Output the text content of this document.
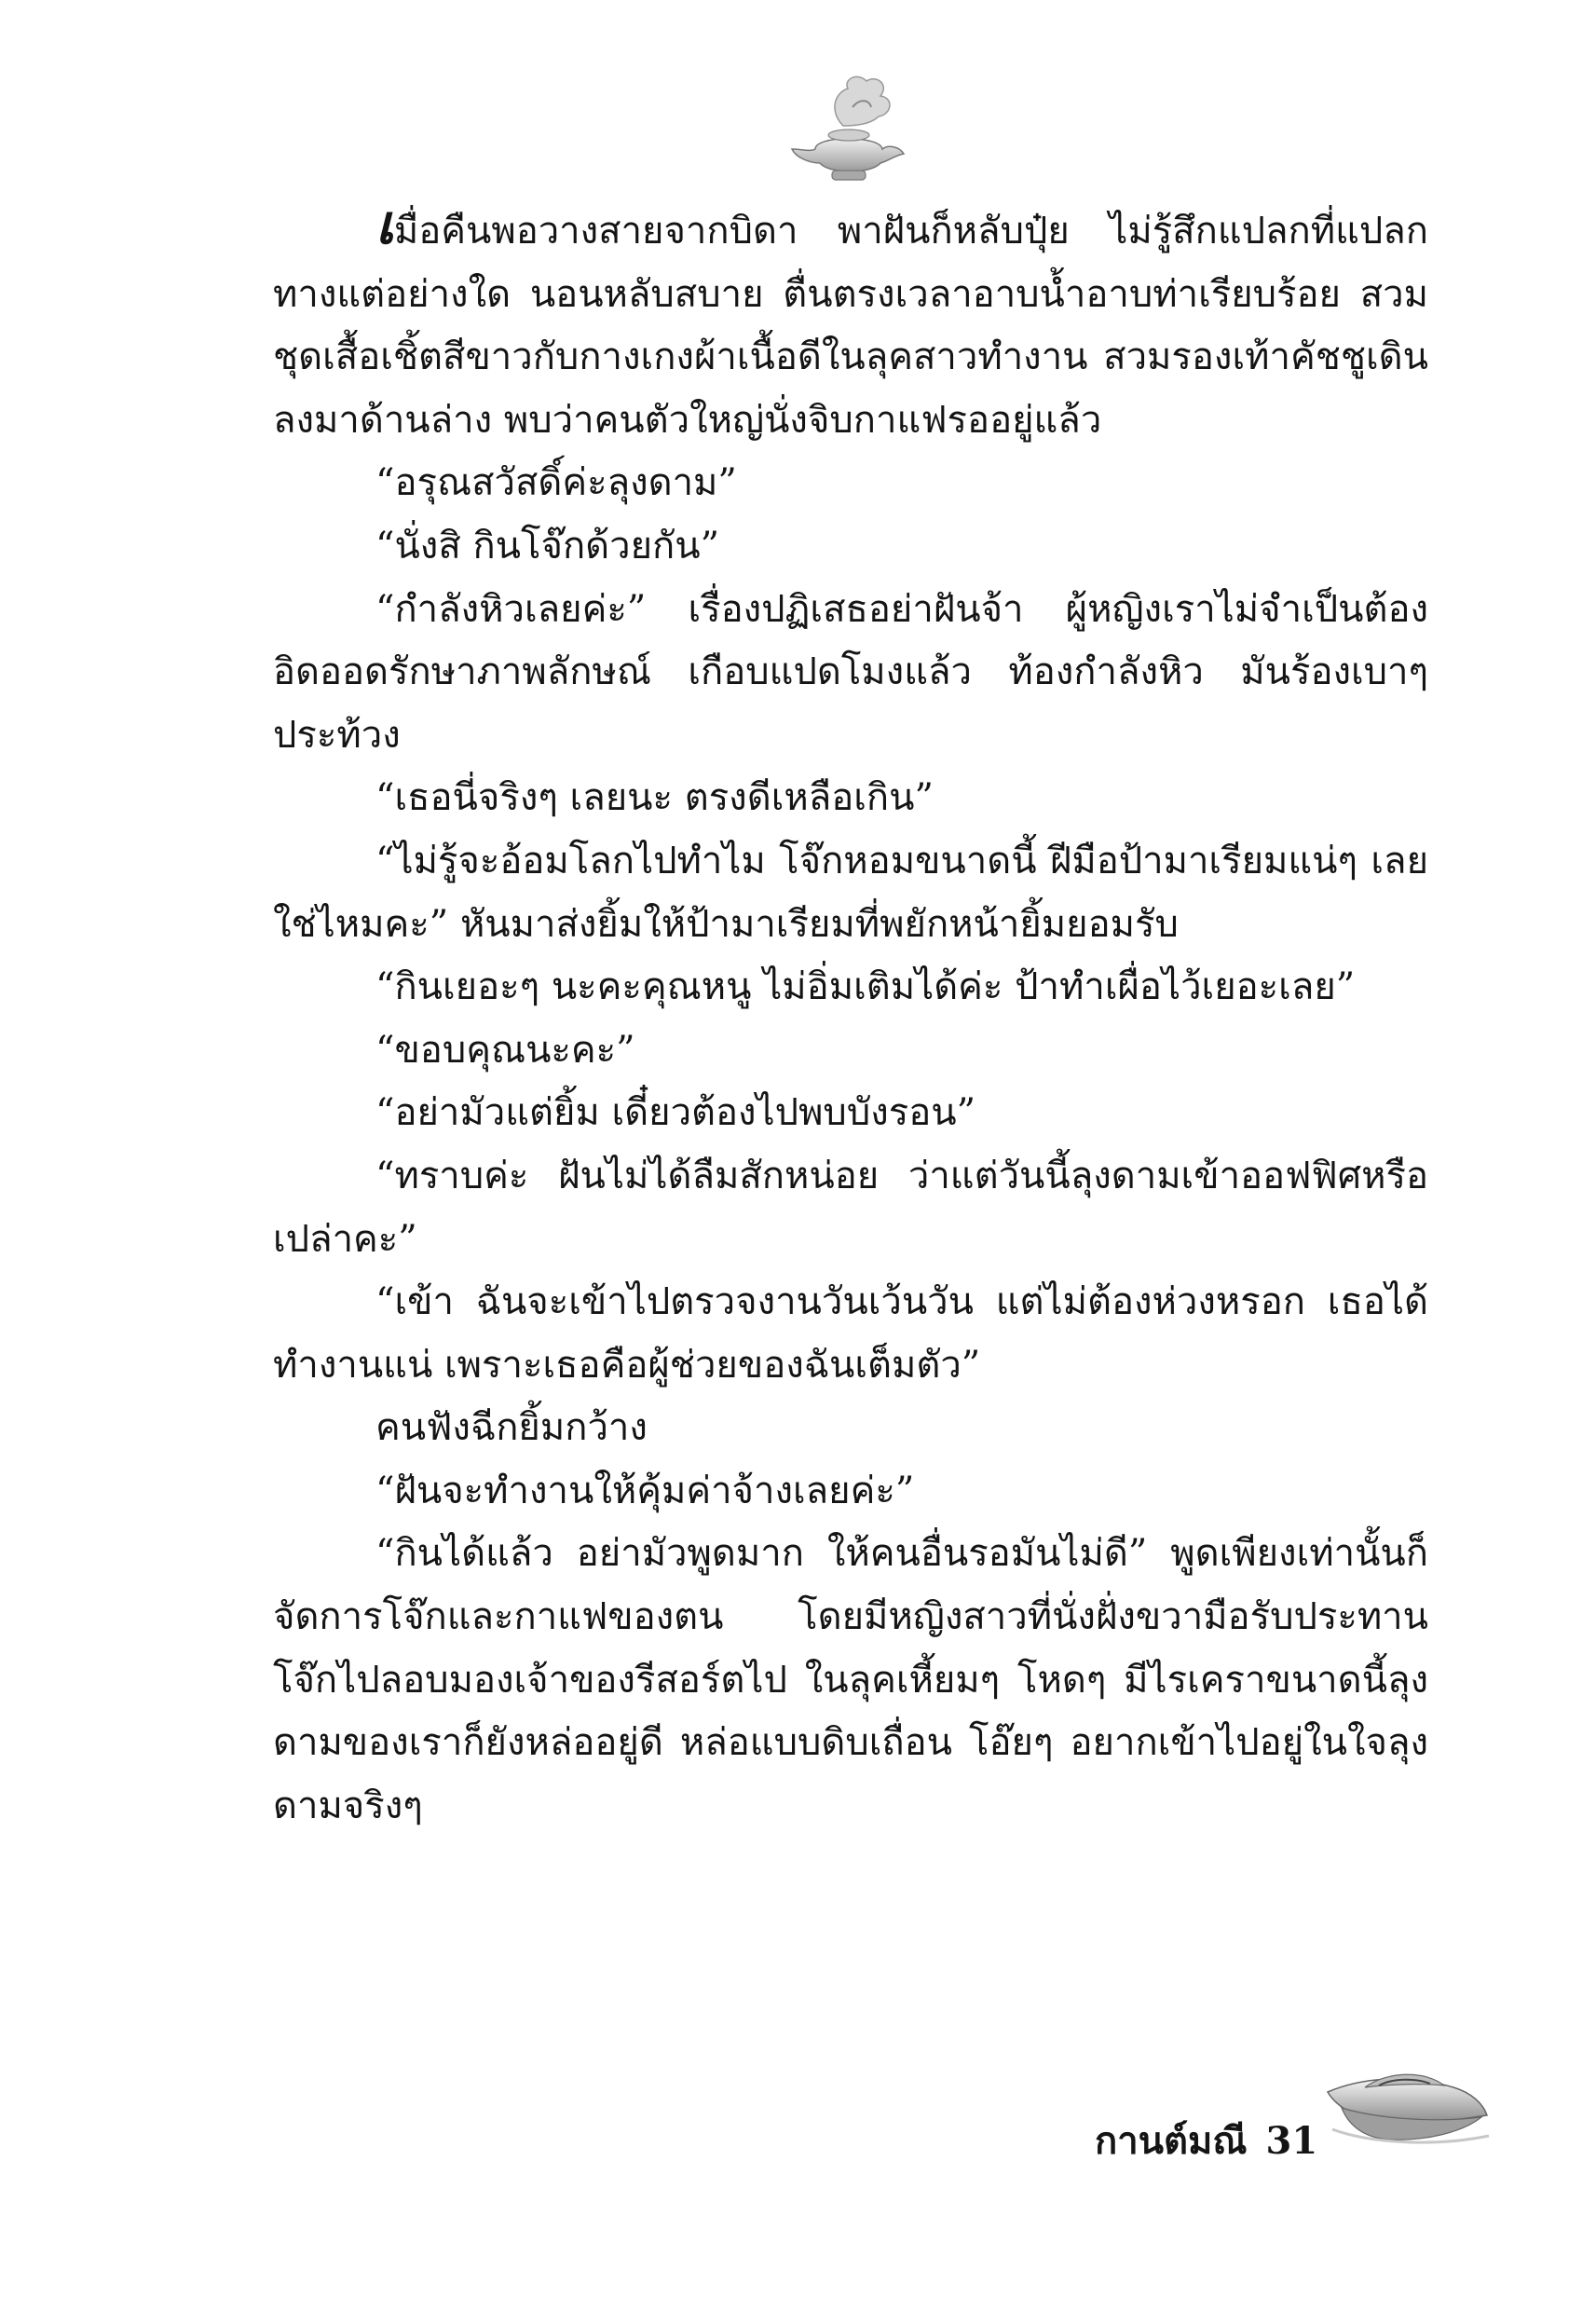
เมื่อคืนพอวางสายจากบิดา พาฝันก็หลับปุ๋ย ไม่รู้สึกแปลกที่แปลกทางแต่อย่างใด นอนหลับสบาย ตื่นตรงเวลาอาบน้ำอาบท่าเรียบร้อย สวมชุดเสื้อเชิ้ตสีขาวกับกางเกงผ้าเนื้อดีในลุคสาวทำงาน สวมรองเท้าคัชชูเดินลงมาด้านล่าง พบว่าคนตัวใหญ่นั่งจิบกาแฟรออยู่แล้ว

“อรุณสวัสดิ์ค่ะลุงดาม”

“นั่งสิ กินโจ๊กด้วยกัน”

“กำลังหิวเลยค่ะ” เรื่องปฏิเสธอย่าฝันจ้า ผู้หญิงเราไม่จำเป็นต้องอิดออดรักษาภาพลักษณ์ เกือบแปดโมงแล้ว ท้องกำลังหิว มันร้องเบาๆ ประท้วง

“เธอนี่จริงๆ เลยนะ ตรงดีเหลือเกิน”

“ไม่รู้จะอ้อมโลกไปทำไม โจ๊กหอมขนาดนี้ ฝีมือป้ามาเรียมแน่ๆ เลย ใช่ไหมคะ” หันมาส่งยิ้มให้ป้ามาเรียมที่พยักหน้ายิ้มยอมรับ

“กินเยอะๆ นะคะคุณหนู ไม่อิ่มเติมได้ค่ะ ป้าทำเผื่อไว้เยอะเลย”

“ขอบคุณนะคะ”

“อย่ามัวแต่ยิ้ม เดี๋ยวต้องไปพบบังรอน”

“ทราบค่ะ ฝันไม่ได้ลืมสักหน่อย ว่าแต่วันนี้ลุงดามเข้าออฟฟิศหรือเปล่าคะ”

“เข้า ฉันจะเข้าไปตรวจงานวันเว้นวัน แต่ไม่ต้องห่วงหรอก เธอได้ทำงานแน่ เพราะเธอคือผู้ช่วยของฉันเต็มตัว”

คนฟังฉีกยิ้มกว้าง

“ฝันจะทำงานให้คุ้มค่าจ้างเลยค่ะ”

“กินได้แล้ว อย่ามัวพูดมาก ให้คนอื่นรอมันไม่ดี” พูดเพียงเท่านั้นก็จัดการโจ๊กและกาแฟของตน โดยมีหญิงสาวที่นั่งฝั่งขวามือรับประทานโจ๊กไปลอบมองเจ้าของรีสอร์ตไป ในลุคเหี้ยมๆ โหดๆ มีไรเคราขนาดนี้ลุงดามของเราก็ยังหล่ออยู่ดี หล่อแบบดิบเถื่อน โอ๊ยๆ อยากเข้าไปอยู่ในใจลุงดามจริงๆ

กานต์มณี 31
